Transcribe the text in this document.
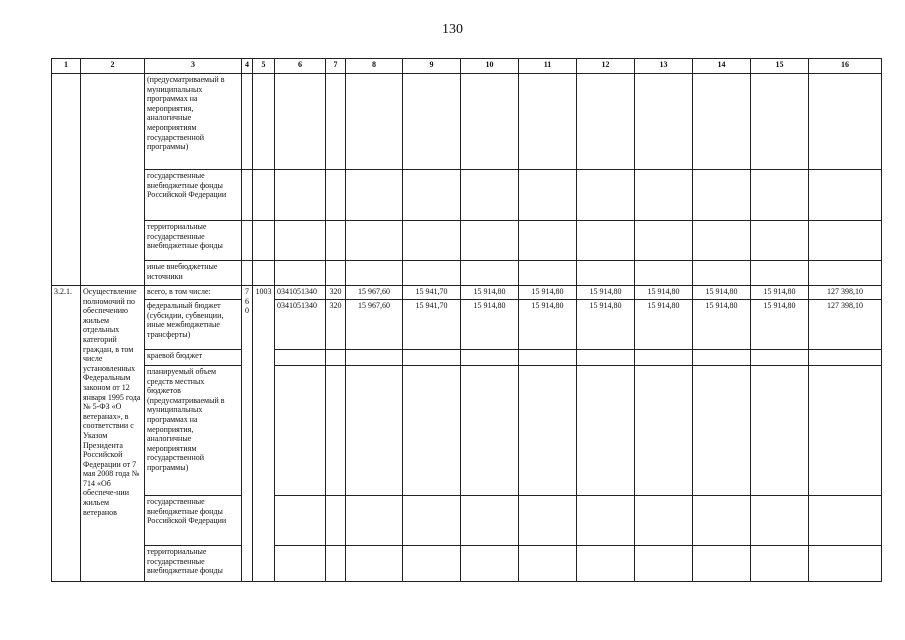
130
1	2	3	4	5	6	7	8	9	10	11	12	13	14	15	16
		(предусматриваемый в муниципальных программах на мероприятия, аналогичные мероприятиям государственной программы)													
		государственные внебюджетные фонды Российской Федерации													
		территориальные государственные внебюджетные фонды													
		иные внебюджетные источники													
3.2.1.	Осуществление полномочий по обеспечению жильем отдельных категорий граждан, в том числе установленных Федеральным законом от 12 января 1995 года № 5-ФЗ «О ветеранах», в соответствии с Указом Президента Российской Федерации от 7 мая 2008 года № 714 «Об обеспече-нии жильем ветеранов	всего, в том числе:	760	1003	0341051340	320	15 967,60	15 941,70	15 914,80	15 914,80	15 914,80	15 914,80	15 914,80	15 914,80	127 398,10
		федеральный бюджет (субсидии, субвенции, иные межбюджетные трансферты)			0341051340	320	15 967,60	15 941,70	15 914,80	15 914,80	15 914,80	15 914,80	15 914,80	15 914,80	127 398,10
		краевой бюджет													
		планируемый объем средств местных бюджетов (предусматриваемый в муниципальных программах на мероприятия, аналогичные мероприятиям государственной программы)													
		государственные внебюджетные фонды Российской Федерации													
		территориальные государственные внебюджетные фонды													
